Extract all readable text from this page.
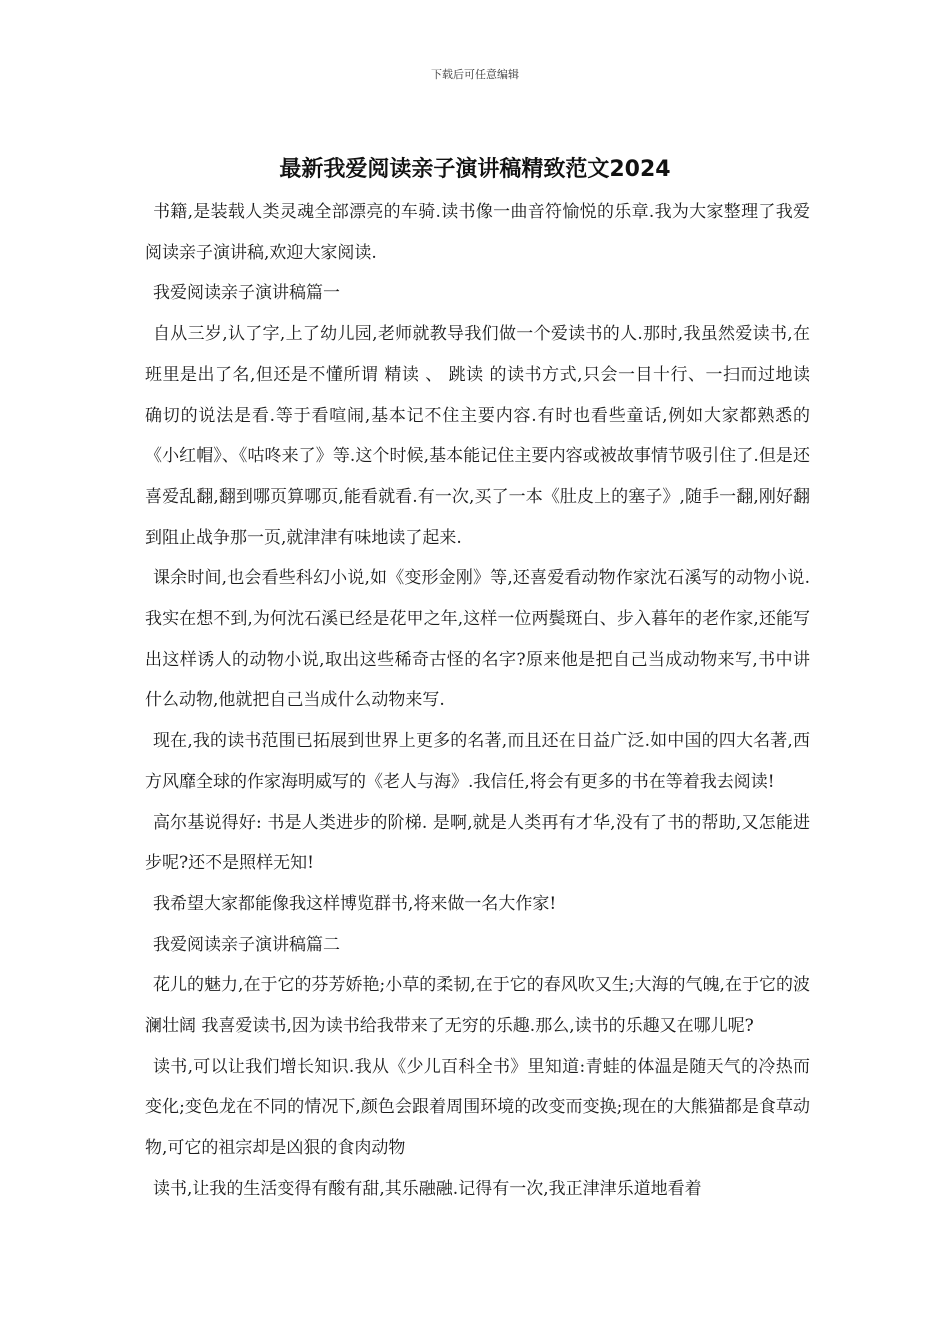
下载后可任意编辑
最新我爱阅读亲子演讲稿精致范文2024

书籍,是装载人类灵魂全部漂亮的车骑.读书像一曲音符愉悦的乐章.我为大家整理了我爱阅读亲子演讲稿,欢迎大家阅读.

我爱阅读亲子演讲稿篇一

自从三岁,认了字,上了幼儿园,老师就教导我们做一个爱读书的人.那时,我虽然爱读书,在班里是出了名,但还是不懂所谓 精读 、 跳读 的读书方式,只会一目十行、一扫而过地读 确切的说法是看.等于看喧闹,基本记不住主要内容.有时也看些童话,例如大家都熟悉的《小红帽》、《咕咚来了》等.这个时候,基本能记住主要内容或被故事情节吸引住了.但是还喜爱乱翻,翻到哪页算哪页,能看就看.有一次,买了一本《肚皮上的塞子》,随手一翻,刚好翻到阻止战争那一页,就津津有味地读了起来.

课余时间,也会看些科幻小说,如《变形金刚》等,还喜爱看动物作家沈石溪写的动物小说.我实在想不到,为何沈石溪已经是花甲之年,这样一位两鬓斑白、步入暮年的老作家,还能写出这样诱人的动物小说,取出这些稀奇古怪的名字?原来他是把自己当成动物来写,书中讲什么动物,他就把自己当成什么动物来写.

现在,我的读书范围已拓展到世界上更多的名著,而且还在日益广泛.如中国的四大名著,西方风靡全球的作家海明威写的《老人与海》.我信任,将会有更多的书在等着我去阅读!

高尔基说得好: 书是人类进步的阶梯. 是啊,就是人类再有才华,没有了书的帮助,又怎能进步呢?还不是照样无知!

我希望大家都能像我这样博览群书,将来做一名大作家!

我爱阅读亲子演讲稿篇二

花儿的魅力,在于它的芬芳娇艳;小草的柔韧,在于它的春风吹又生;大海的气魄,在于它的波澜壮阔 我喜爱读书,因为读书给我带来了无穷的乐趣.那么,读书的乐趣又在哪儿呢?

读书,可以让我们增长知识.我从《少儿百科全书》里知道:青蛙的体温是随天气的冷热而变化;变色龙在不同的情况下,颜色会跟着周围环境的改变而变换;现在的大熊猫都是食草动物,可它的祖宗却是凶狠的食肉动物

读书,让我的生活变得有酸有甜,其乐融融.记得有一次,我正津津乐道地看着
